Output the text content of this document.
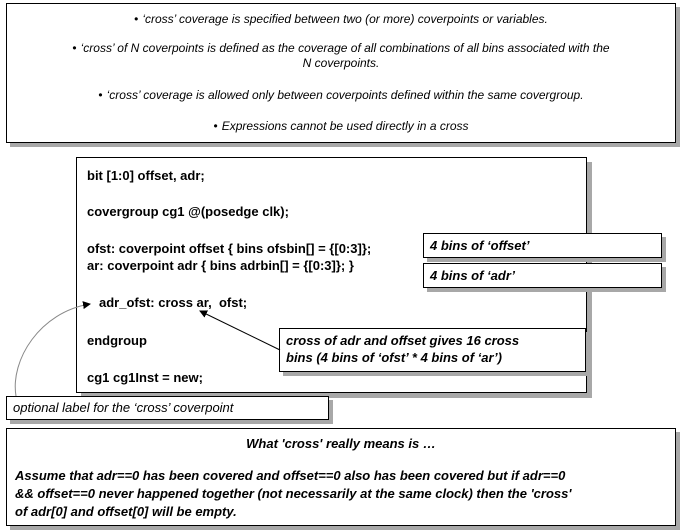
• ‘cross’ coverage is specified between two (or more) coverpoints or variables.
• ‘cross’ of N coverpoints is defined as the coverage of all combinations of all bins associated with the
N coverpoints.
• ‘cross’ coverage is allowed only between coverpoints defined within the same covergroup.
• Expressions cannot be used directly in a cross
bit [1:0] offset, adr;
covergroup cg1 @(posedge clk);
ofst: coverpoint offset { bins ofsbin[] = {[0:3]};
ar: coverpoint adr { bins adrbin[] = {[0:3]}; }
adr_ofst: cross ar,  ofst;
endgroup
cg1 cg1Inst = new;
4 bins of ‘offset’
4 bins of ‘adr’
cross of adr and offset gives 16 cross
bins (4 bins of ‘ofst’ * 4 bins of ‘ar’)
optional label for the ‘cross’ coverpoint
What 'cross' really means is …
Assume that adr==0 has been covered and offset==0 also has been covered but if adr==0
&& offset==0 never happened together (not necessarily at the same clock) then the 'cross'
of adr[0] and offset[0] will be empty.
